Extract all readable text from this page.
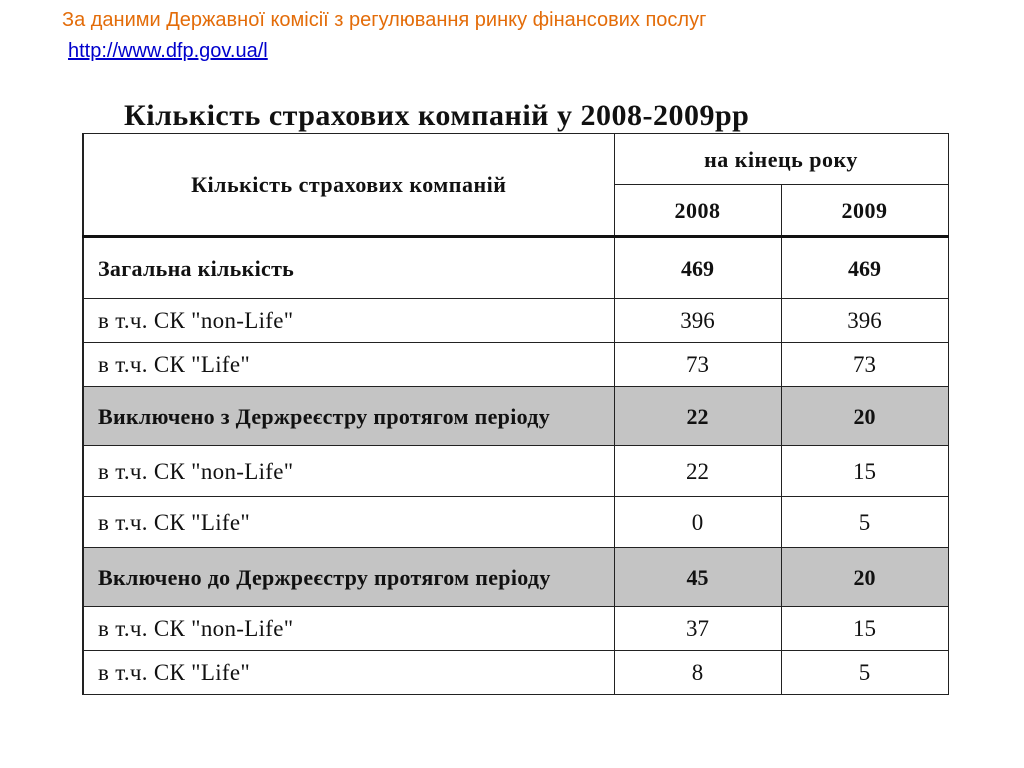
За даними Державної комісії з регулювання ринку фінансових послуг
http://www.dfp.gov.ua/l
Кількість страхових компаній у 2008-2009рр
Кількість страхових компаній	на кінець року	
	2008	2009
Загальна кількість	469	469
в т.ч. СК "non-Life"	396	396
в т.ч. СК "Life"	73	73
Виключено з Держреєстру протягом періоду	22	20
в т.ч. СК "non-Life"	22	15
в т.ч. СК "Life"	0	5
Включено до Держреєстру протягом періоду	45	20
в т.ч. СК "non-Life"	37	15
в т.ч. СК "Life"	8	5
